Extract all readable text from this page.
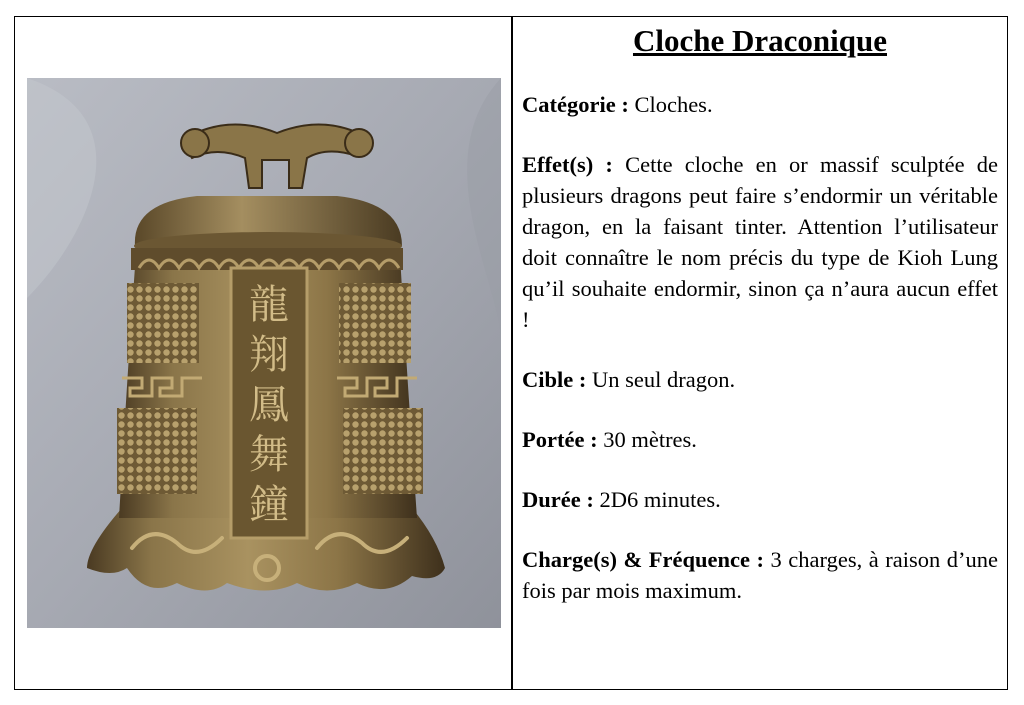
龍
翔
鳳
舞
鐘
Cloche Draconique

Catégorie : Cloches.

Effet(s) : Cette cloche en or massif sculptée de plusieurs dragons peut faire s’endormir un véritable dragon, en la faisant tinter. Attention l’utilisateur doit connaître le nom précis du type de Kioh Lung qu’il souhaite endormir, sinon ça n’aura aucun effet !

Cible : Un seul dragon.

Portée : 30 mètres.

Durée : 2D6 minutes.

Charge(s) & Fréquence : 3 charges, à raison d’une fois par mois maximum.
